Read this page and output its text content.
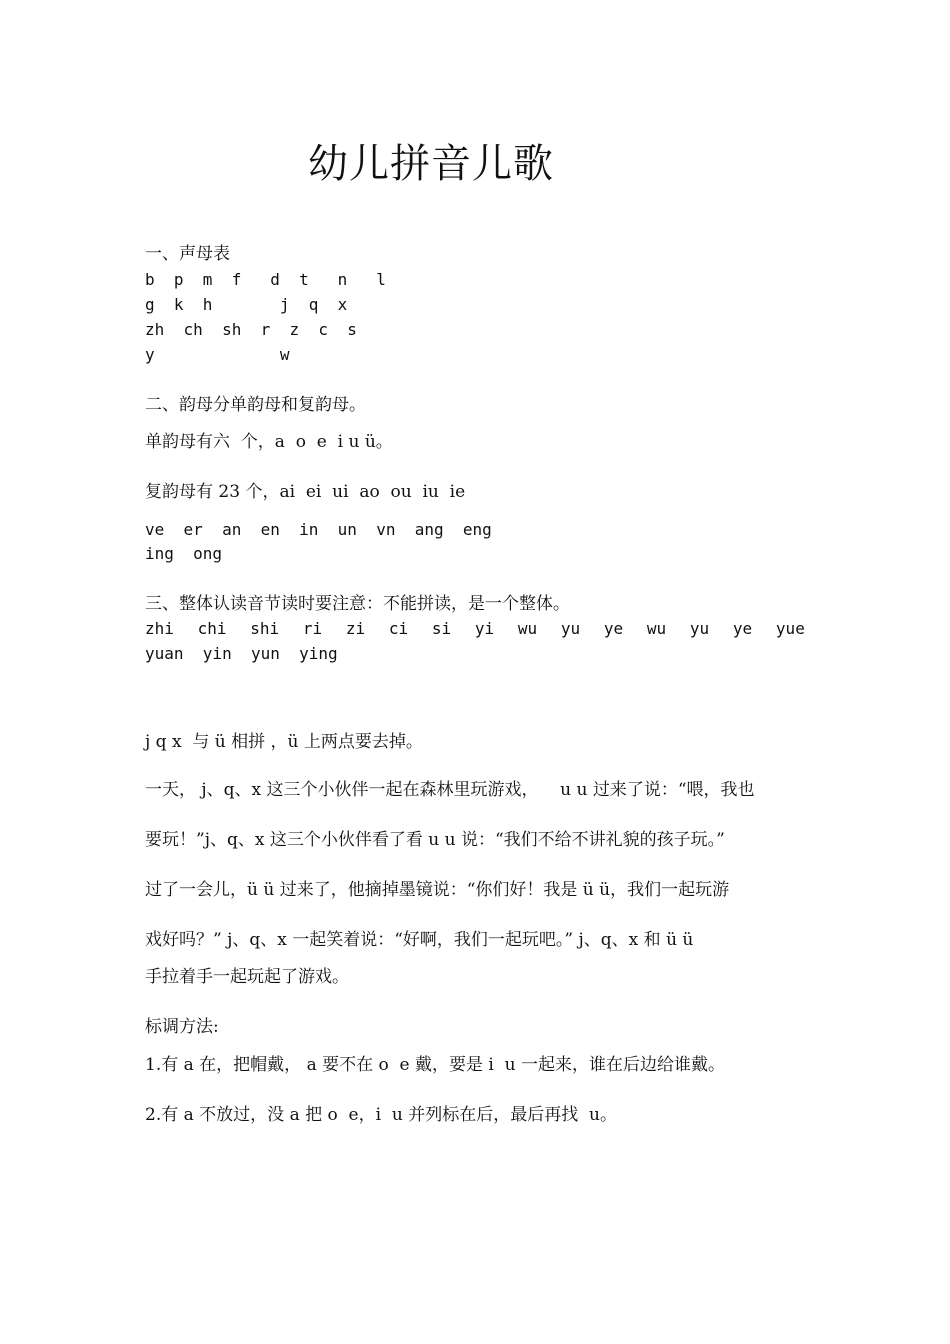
幼儿拼音儿歌
一、声母表
b  p  m  f   d  t   n   l
g  k  h       j  q  x
zh  ch  sh  r  z  c  s
y             w
二、韵母分单韵母和复韵母。
单韵母有六  个，a  o  e  i u ü。
复韵母有 23 个，ai  ei  ui  ao  ou  iu  ie
ve  er  an  en  in  un  vn  ang  eng
ing  ong
三、整体认读音节读时要注意：不能拼读，是一个整体。
zhi chi shi ri zi ci si yi wu yu ye wu yu ye yue
yuan  yin  yun  ying
j q x  与 ü 相拼 ，ü 上两点要去掉。
一天， j、q、x 这三个小伙伴一起在森林里玩游戏，    u u 过来了说：“喂，我也
要玩！”j、q、x 这三个小伙伴看了看 u u 说：“我们不给不讲礼貌的孩子玩。”
过了一会儿，ü ü 过来了，他摘掉墨镜说：“你们好！我是 ü ü，我们一起玩游
戏好吗？” j、q、x 一起笑着说：“好啊，我们一起玩吧。” j、q、x 和 ü ü
手拉着手一起玩起了游戏。
标调方法:
1.有 a 在，把帽戴， a 要不在 o  e 戴，要是 i  u 一起来，谁在后边给谁戴。
2.有 a 不放过，没 a 把 o  e，i  u 并列标在后，最后再找  u。
